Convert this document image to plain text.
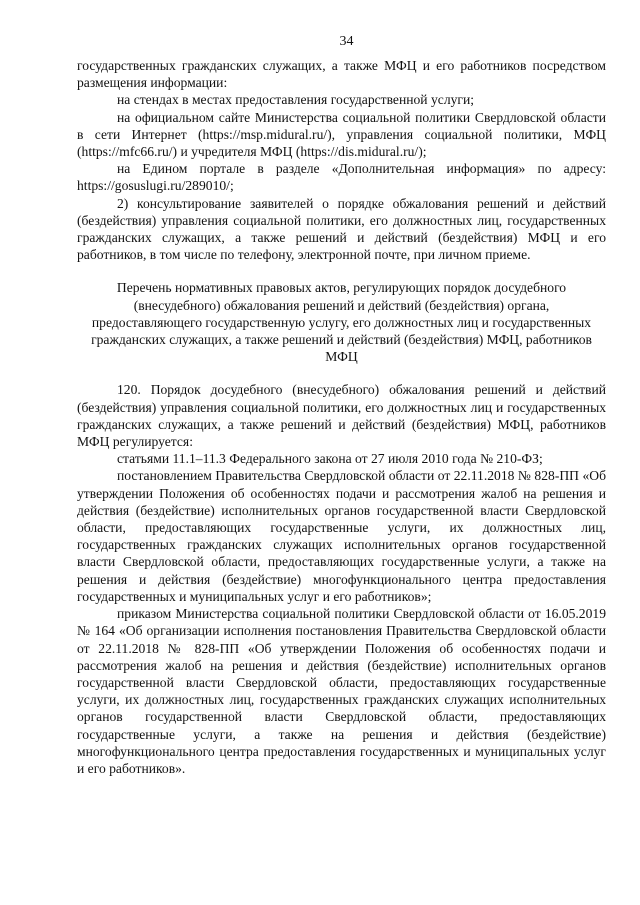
34

государственных гражданских служащих, а также МФЦ и его работников посредством размещения информации:

на стендах в местах предоставления государственной услуги;

на официальном сайте Министерства социальной политики Свердловской области в сети Интернет (https://msp.midural.ru/), управления социальной политики, МФЦ (https://mfc66.ru/) и учредителя МФЦ (https://dis.midural.ru/);

на Едином портале в разделе «Дополнительная информация» по адресу: https://gosuslugi.ru/289010/;

2) консультирование заявителей о порядке обжалования решений и действий (бездействия) управления социальной политики, его должностных лиц, государственных гражданских служащих, а также решений и действий (бездействия) МФЦ и его работников, в том числе по телефону, электронной почте, при личном приеме.

Перечень нормативных правовых актов, регулирующих порядок досудебного (внесудебного) обжалования решений и действий (бездействия) органа, предоставляющего государственную услугу, его должностных лиц и государственных гражданских служащих, а также решений и действий (бездействия) МФЦ, работников МФЦ

120. Порядок досудебного (внесудебного) обжалования решений и действий (бездействия) управления социальной политики, его должностных лиц и государственных гражданских служащих, а также решений и действий (бездействия) МФЦ, работников МФЦ регулируется:

статьями 11.1–11.3 Федерального закона от 27 июля 2010 года № 210-ФЗ;

постановлением Правительства Свердловской области от 22.11.2018 № 828-ПП «Об утверждении Положения об особенностях подачи и рассмотрения жалоб на решения и действия (бездействие) исполнительных органов государственной власти Свердловской области, предоставляющих государственные услуги, их должностных лиц, государственных гражданских служащих исполнительных органов государственной власти Свердловской области, предоставляющих государственные услуги, а также на решения и действия (бездействие) многофункционального центра предоставления государственных и муниципальных услуг и его работников»;

приказом Министерства социальной политики Свердловской области от 16.05.2019 № 164 «Об организации исполнения постановления Правительства Свердловской области от 22.11.2018 № 828-ПП «Об утверждении Положения об особенностях подачи и рассмотрения жалоб на решения и действия (бездействие) исполнительных органов государственной власти Свердловской области, предоставляющих государственные услуги, их должностных лиц, государственных гражданских служащих исполнительных органов государственной власти Свердловской области, предоставляющих государственные услуги, а также на решения и действия (бездействие) многофункционального центра предоставления государственных и муниципальных услуг и его работников».
